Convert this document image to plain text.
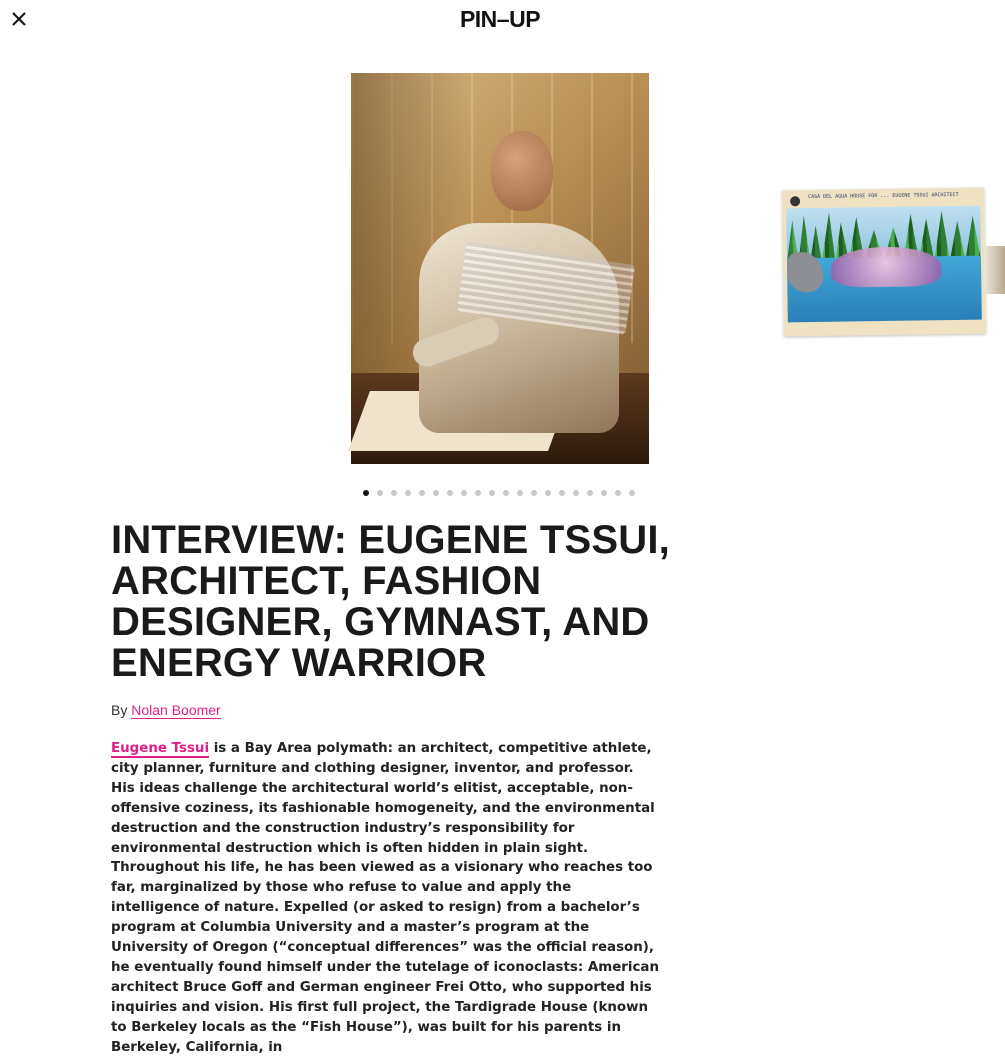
PIN–UP
CASA DEL AGUA HOUSE FOR ... EUGENE TSSUI ARCHITECT
INTERVIEW: EUGENE TSSUI, ARCHITECT, FASHION DESIGNER, GYMNAST, AND ENERGY WARRIOR
By Nolan Boomer

Eugene Tssui is a Bay Area polymath: an architect, competitive athlete, city planner, furniture and clothing designer, inventor, and professor. His ideas challenge the architectural world’s elitist, acceptable, non-offensive coziness, its fashionable homogeneity, and the environmental destruction and the construction industry’s responsibility for environmental destruction which is often hidden in plain sight. Throughout his life, he has been viewed as a visionary who reaches too far, marginalized by those who refuse to value and apply the intelligence of nature. Expelled (or asked to resign) from a bachelor’s program at Columbia University and a master’s program at the University of Oregon (“conceptual differences” was the official reason), he eventually found himself under the tutelage of iconoclasts: American architect Bruce Goff and German engineer Frei Otto, who supported his inquiries and vision. His first full project, the Tardigrade House (known to Berkeley locals as the “Fish House”), was built for his parents in Berkeley, California, in
